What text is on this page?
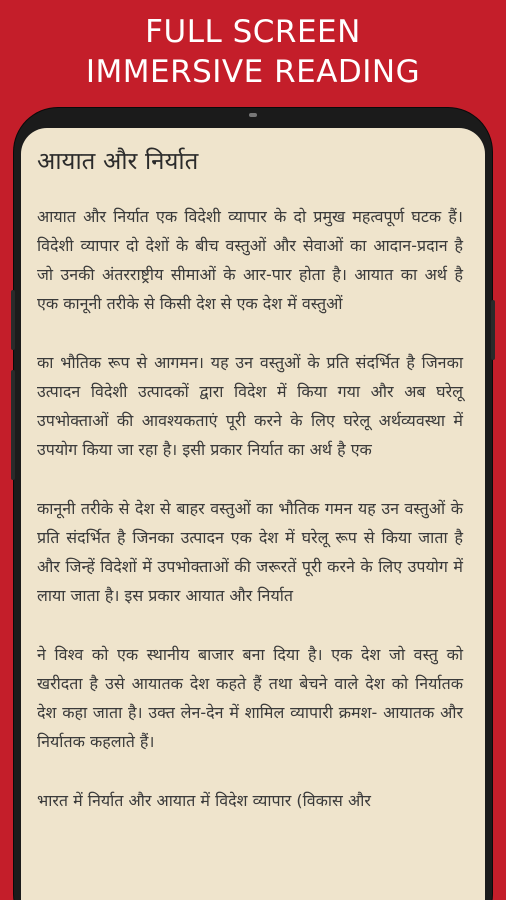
FULL SCREEN
IMMERSIVE READING
आयात और निर्यात

आयात और निर्यात एक विदेशी व्यापार के दो प्रमुख महत्वपूर्ण घटक हैं। विदेशी व्यापार दो देशों के बीच वस्तुओं और सेवाओं का आदान-प्रदान है जो उनकी अंतरराष्ट्रीय सीमाओं के आर-पार होता है। आयात का अर्थ है एक कानूनी तरीके से किसी देश से एक देश में वस्तुओं

का भौतिक रूप से आगमन। यह उन वस्तुओं के प्रति संदर्भित है जिनका उत्पादन विदेशी उत्पादकों द्वारा विदेश में किया गया और अब घरेलू उपभोक्ताओं की आवश्यकताएं पूरी करने के लिए घरेलू अर्थव्यवस्था में उपयोग किया जा रहा है। इसी प्रकार निर्यात का अर्थ है एक

कानूनी तरीके से देश से बाहर वस्तुओं का भौतिक गमन यह उन वस्तुओं के प्रति संदर्भित है जिनका उत्पादन एक देश में घरेलू रूप से किया जाता है और जिन्हें विदेशों में उपभोक्ताओं की जरूरतें पूरी करने के लिए उपयोग में लाया जाता है। इस प्रकार आयात और निर्यात

ने विश्व को एक स्थानीय बाजार बना दिया है। एक देश जो वस्तु को खरीदता है उसे आयातक देश कहते हैं तथा बेचने वाले देश को निर्यातक देश कहा जाता है। उक्त लेन-देन में शामिल व्यापारी क्रमश- आयातक और निर्यातक कहलाते हैं।

भारत में निर्यात और आयात में विदेश व्यापार (विकास और
